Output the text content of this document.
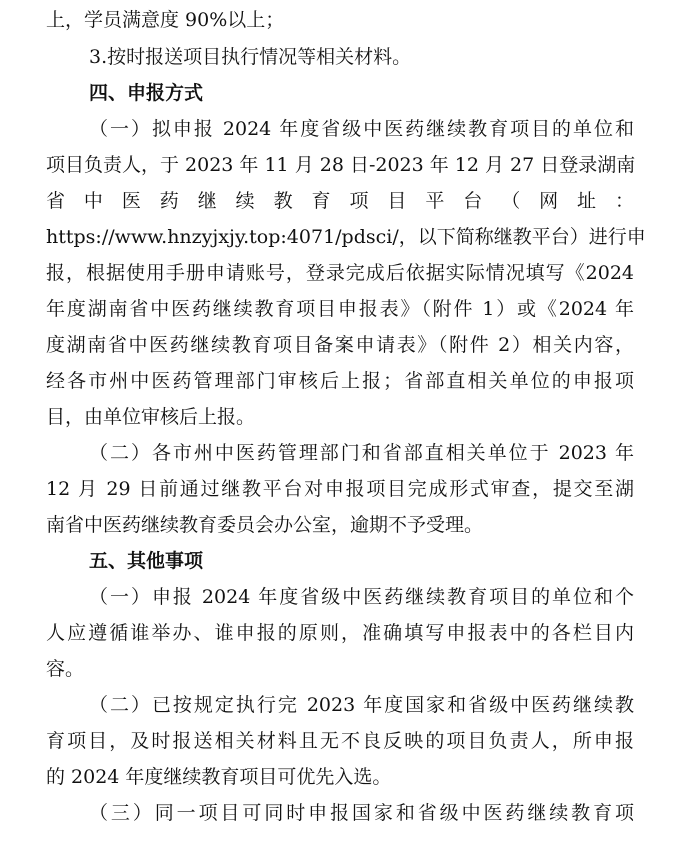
上，学员满意度 90%以上；
3.按时报送项目执行情况等相关材料。
四、申报方式
（一）拟申报 2024 年度省级中医药继续教育项目的单位和
项目负责人，于 2023 年 11 月 28 日-2023 年 12 月 27 日登录湖南
省 中 医 药 继 续 教 育 项 目 平 台 （ 网 址 ：
https://www.hnzyjxjy.top:4071/pdsci/，以下简称继教平台）进行申
报，根据使用手册申请账号，登录完成后依据实际情况填写《2024
年度湖南省中医药继续教育项目申报表》（附件 1）或《2024 年
度湖南省中医药继续教育项目备案申请表》（附件 2）相关内容，
经各市州中医药管理部门审核后上报；省部直相关单位的申报项
目，由单位审核后上报。
（二）各市州中医药管理部门和省部直相关单位于 2023 年
12 月 29 日前通过继教平台对申报项目完成形式审查，提交至湖
南省中医药继续教育委员会办公室，逾期不予受理。
五、其他事项
（一）申报 2024 年度省级中医药继续教育项目的单位和个
人应遵循谁举办、谁申报的原则，准确填写申报表中的各栏目内
容。
（二）已按规定执行完 2023 年度国家和省级中医药继续教
育项目，及时报送相关材料且无不良反映的项目负责人，所申报
的 2024 年度继续教育项目可优先入选。
（三）同一项目可同时申报国家和省级中医药继续教育项
